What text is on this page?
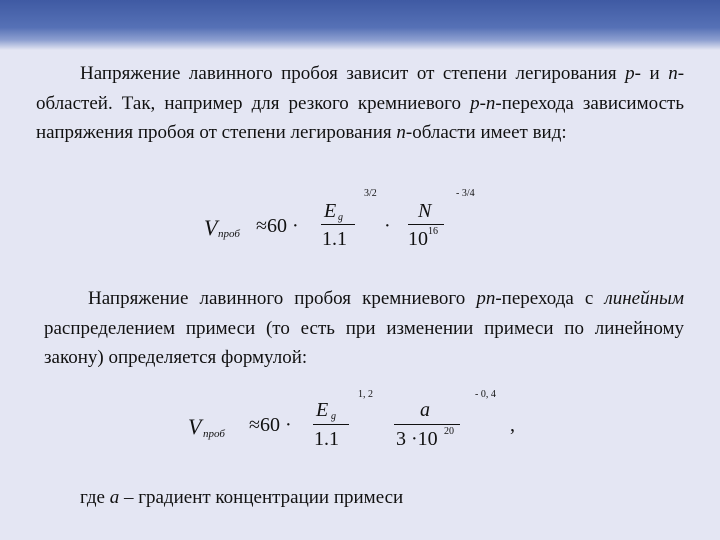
Напряжение лавинного пробоя зависит от степени легирования p- и n-областей. Так, например для резкого кремниевого p-n-перехода зависимость напряжения пробоя от степени легирования n-области имеет вид:
V проб ≈60 ·
E g
1.1
3/2
·
N
10 16
- 3/4
Напряжение лавинного пробоя кремниевого pn-перехода с линейным распределением примеси (то есть при изменении примеси по линейному закону) определяется формулой:
V проб ≈60 ·
E g
1.1
1, 2
a
3 ·10 20
- 0, 4
,
где a – градиент концентрации примеси
